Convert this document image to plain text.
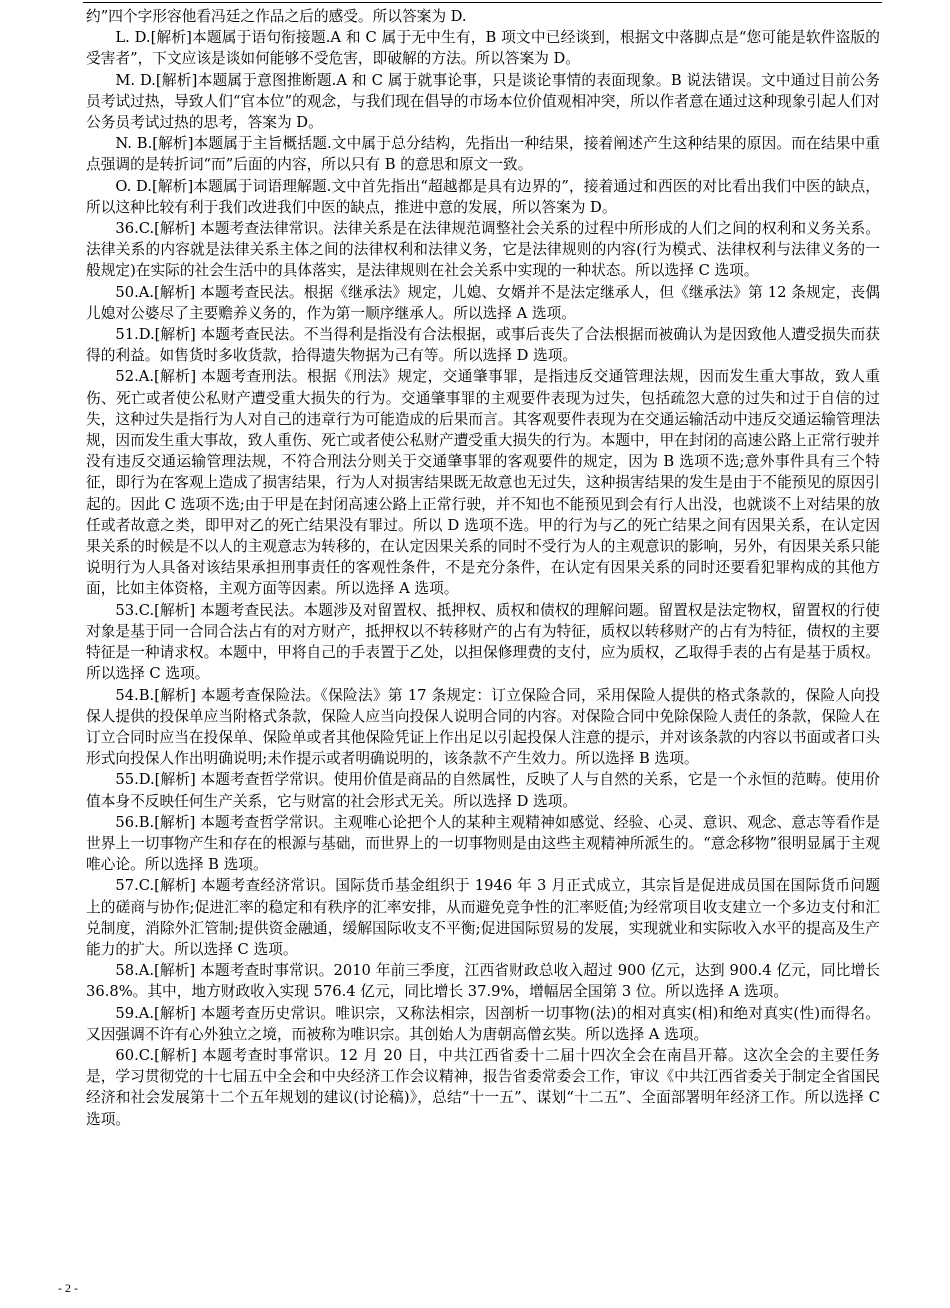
约”四个字形容他看冯廷之作品之后的感受。所以答案为 D.

L. D.[解析]本题属于语句衔接题.A 和 C 属于无中生有，B 项文中已经谈到，根据文中落脚点是“您可能是软件盗版的受害者”，下文应该是谈如何能够不受危害，即破解的方法。所以答案为 D。

M. D.[解析]本题属于意图推断题.A 和 C 属于就事论事，只是谈论事情的表面现象。B 说法错误。文中通过目前公务员考试过热，导致人们“官本位”的观念，与我们现在倡导的市场本位价值观相冲突，所以作者意在通过这种现象引起人们对公务员考试过热的思考，答案为 D。

N. B.[解析]本题属于主旨概括题.文中属于总分结构，先指出一种结果，接着阐述产生这种结果的原因。而在结果中重点强调的是转折词“而”后面的内容，所以只有 B 的意思和原文一致。

O. D.[解析]本题属于词语理解题.文中首先指出“超越都是具有边界的”，接着通过和西医的对比看出我们中医的缺点，所以这种比较有利于我们改进我们中医的缺点，推进中意的发展，所以答案为 D。

36.C.[解析] 本题考查法律常识。法律关系是在法律规范调整社会关系的过程中所形成的人们之间的权利和义务关系。法律关系的内容就是法律关系主体之间的法律权利和法律义务，它是法律规则的内容(行为模式、法律权利与法律义务的一般规定)在实际的社会生活中的具体落实，是法律规则在社会关系中实现的一种状态。所以选择 C 选项。

50.A.[解析] 本题考查民法。根据《继承法》规定，儿媳、女婿并不是法定继承人，但《继承法》第 12 条规定，丧偶儿媳对公婆尽了主要赡养义务的，作为第一顺序继承人。所以选择 A 选项。

51.D.[解析] 本题考查民法。不当得利是指没有合法根据，或事后丧失了合法根据而被确认为是因致他人遭受损失而获得的利益。如售货时多收货款，拾得遗失物据为己有等。所以选择 D 选项。

52.A.[解析] 本题考查刑法。根据《刑法》规定，交通肇事罪，是指违反交通管理法规，因而发生重大事故，致人重伤、死亡或者使公私财产遭受重大损失的行为。交通肇事罪的主观要件表现为过失，包括疏忽大意的过失和过于自信的过失，这种过失是指行为人对自己的违章行为可能造成的后果而言。其客观要件表现为在交通运输活动中违反交通运输管理法规，因而发生重大事故，致人重伤、死亡或者使公私财产遭受重大损失的行为。本题中，甲在封闭的高速公路上正常行驶并没有违反交通运输管理法规，不符合刑法分则关于交通肇事罪的客观要件的规定，因为 B 选项不选;意外事件具有三个特征，即行为在客观上造成了损害结果，行为人对损害结果既无故意也无过失，这种损害结果的发生是由于不能预见的原因引起的。因此 C 选项不选;由于甲是在封闭高速公路上正常行驶，并不知也不能预见到会有行人出没，也就谈不上对结果的放任或者故意之类，即甲对乙的死亡结果没有罪过。所以 D 选项不选。甲的行为与乙的死亡结果之间有因果关系，在认定因果关系的时候是不以人的主观意志为转移的，在认定因果关系的同时不受行为人的主观意识的影响，另外，有因果关系只能说明行为人具备对该结果承担刑事责任的客观性条件，不是充分条件，在认定有因果关系的同时还要看犯罪构成的其他方面，比如主体资格，主观方面等因素。所以选择 A 选项。

53.C.[解析] 本题考查民法。本题涉及对留置权、抵押权、质权和债权的理解问题。留置权是法定物权，留置权的行使对象是基于同一合同合法占有的对方财产，抵押权以不转移财产的占有为特征，质权以转移财产的占有为特征，债权的主要特征是一种请求权。本题中，甲将自己的手表置于乙处，以担保修理费的支付，应为质权，乙取得手表的占有是基于质权。所以选择 C 选项。

54.B.[解析] 本题考查保险法。《保险法》第 17 条规定：订立保险合同，采用保险人提供的格式条款的，保险人向投保人提供的投保单应当附格式条款，保险人应当向投保人说明合同的内容。对保险合同中免除保险人责任的条款，保险人在订立合同时应当在投保单、保险单或者其他保险凭证上作出足以引起投保人注意的提示，并对该条款的内容以书面或者口头形式向投保人作出明确说明;未作提示或者明确说明的，该条款不产生效力。所以选择 B 选项。

55.D.[解析] 本题考查哲学常识。使用价值是商品的自然属性，反映了人与自然的关系，它是一个永恒的范畴。使用价值本身不反映任何生产关系，它与财富的社会形式无关。所以选择 D 选项。

56.B.[解析] 本题考查哲学常识。主观唯心论把个人的某种主观精神如感觉、经验、心灵、意识、观念、意志等看作是世界上一切事物产生和存在的根源与基础，而世界上的一切事物则是由这些主观精神所派生的。“意念移物”很明显属于主观唯心论。所以选择 B 选项。

57.C.[解析] 本题考查经济常识。国际货币基金组织于 1946 年 3 月正式成立，其宗旨是促进成员国在国际货币问题上的磋商与协作;促进汇率的稳定和有秩序的汇率安排，从而避免竞争性的汇率贬值;为经常项目收支建立一个多边支付和汇兑制度，消除外汇管制;提供资金融通，缓解国际收支不平衡;促进国际贸易的发展，实现就业和实际收入水平的提高及生产能力的扩大。所以选择 C 选项。

58.A.[解析] 本题考查时事常识。2010 年前三季度，江西省财政总收入超过 900 亿元，达到 900.4 亿元，同比增长 36.8%。其中，地方财政收入实现 576.4 亿元，同比增长 37.9%，增幅居全国第 3 位。所以选择 A 选项。

59.A.[解析] 本题考查历史常识。唯识宗，又称法相宗，因剖析一切事物(法)的相对真实(相)和绝对真实(性)而得名。又因强调不许有心外独立之境，而被称为唯识宗。其创始人为唐朝高僧玄奘。所以选择 A 选项。

60.C.[解析] 本题考查时事常识。12 月 20 日，中共江西省委十二届十四次全会在南昌开幕。这次全会的主要任务是，学习贯彻党的十七届五中全会和中央经济工作会议精神，报告省委常委会工作，审议《中共江西省委关于制定全省国民经济和社会发展第十二个五年规划的建议(讨论稿)》，总结“十一五”、谋划“十二五”、全面部署明年经济工作。所以选择 C 选项。

- 2 -
